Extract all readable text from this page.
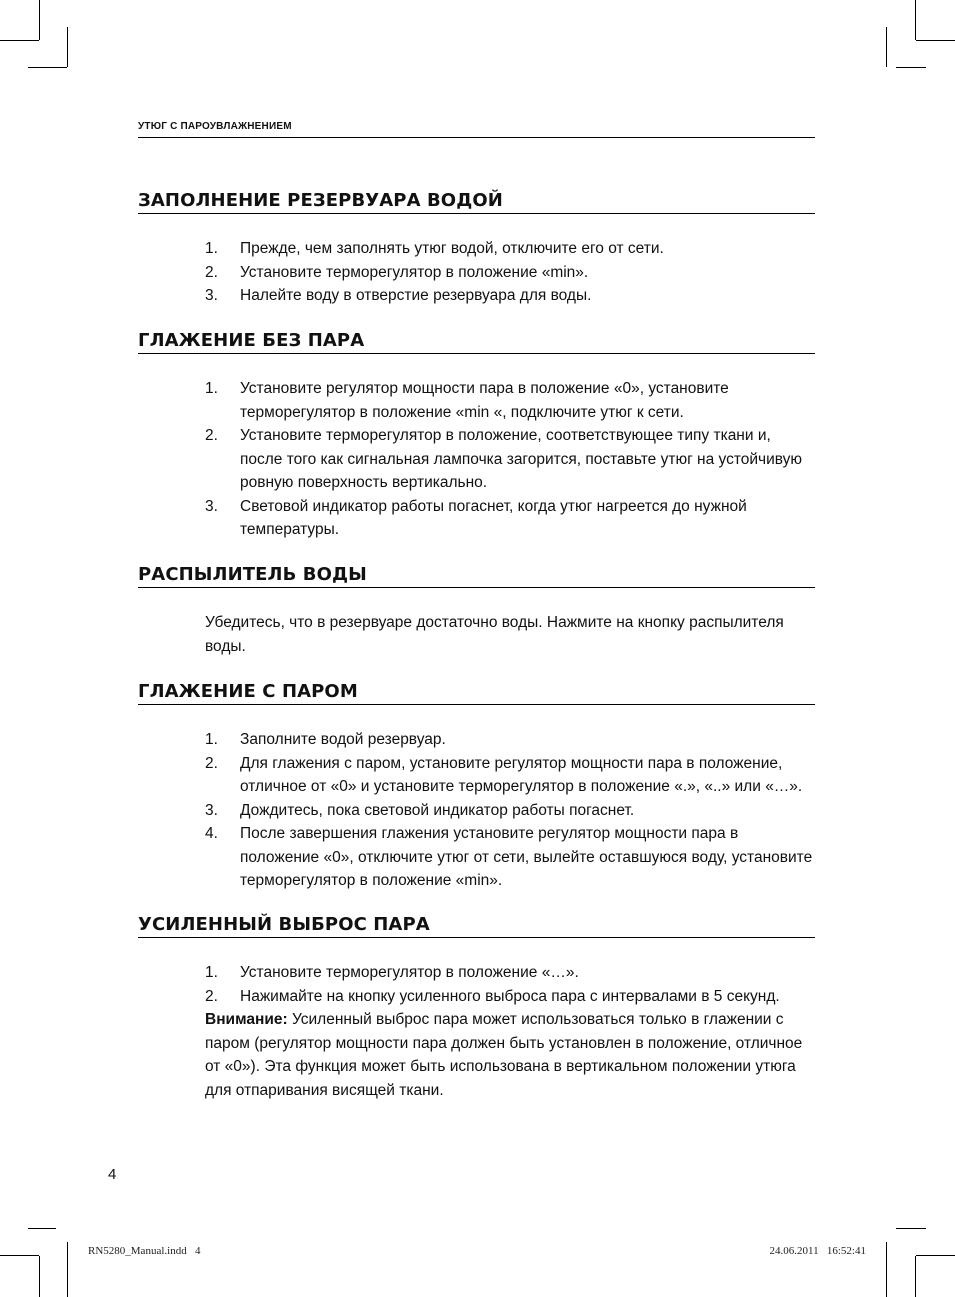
УТЮГ С ПАРОУВЛАЖНЕНИЕМ
ЗАПОЛНЕНИЕ РЕЗЕРВУАРА ВОДОЙ
1. Прежде, чем заполнять утюг водой, отключите его от сети.
2. Установите терморегулятор в положение «min».
3. Налейте воду в отверстие резервуара для воды.
ГЛАЖЕНИЕ БЕЗ ПАРА
1. Установите регулятор мощности пара в положение «0», установите терморегулятор в положение «min «, подключите утюг к сети.
2. Установите терморегулятор в положение, соответствующее типу ткани и, после того как сигнальная лампочка загорится, поставьте утюг на устойчивую ровную поверхность вертикально.
3. Световой индикатор работы погаснет, когда утюг нагреется до нужной температуры.
РАСПЫЛИТЕЛЬ ВОДЫ
Убедитесь, что в резервуаре достаточно воды. Нажмите на кнопку распылителя воды.
ГЛАЖЕНИЕ С ПАРОМ
1. Заполните водой резервуар.
2. Для глажения с паром, установите регулятор мощности пара в положение, отличное от «0» и установите терморегулятор в положение «.», «..» или «…».
3. Дождитесь, пока световой индикатор работы погаснет.
4. После завершения глажения установите регулятор мощности пара в положение «0», отключите утюг от сети, вылейте оставшуюся воду, установите терморегулятор в положение «min».
УСИЛЕННЫЙ ВЫБРОС ПАРА
1. Установите терморегулятор в положение «…».
2. Нажимайте на кнопку усиленного выброса пара с интервалами в 5 секунд.
Внимание: Усиленный выброс пара может использоваться только в глажении с паром (регулятор мощности пара должен быть установлен в положение, отличное от «0»). Эта функция может быть использована в вертикальном положении утюга для отпаривания висящей ткани.
4
RN5280_Manual.indd   4	24.06.2011   16:52:41
